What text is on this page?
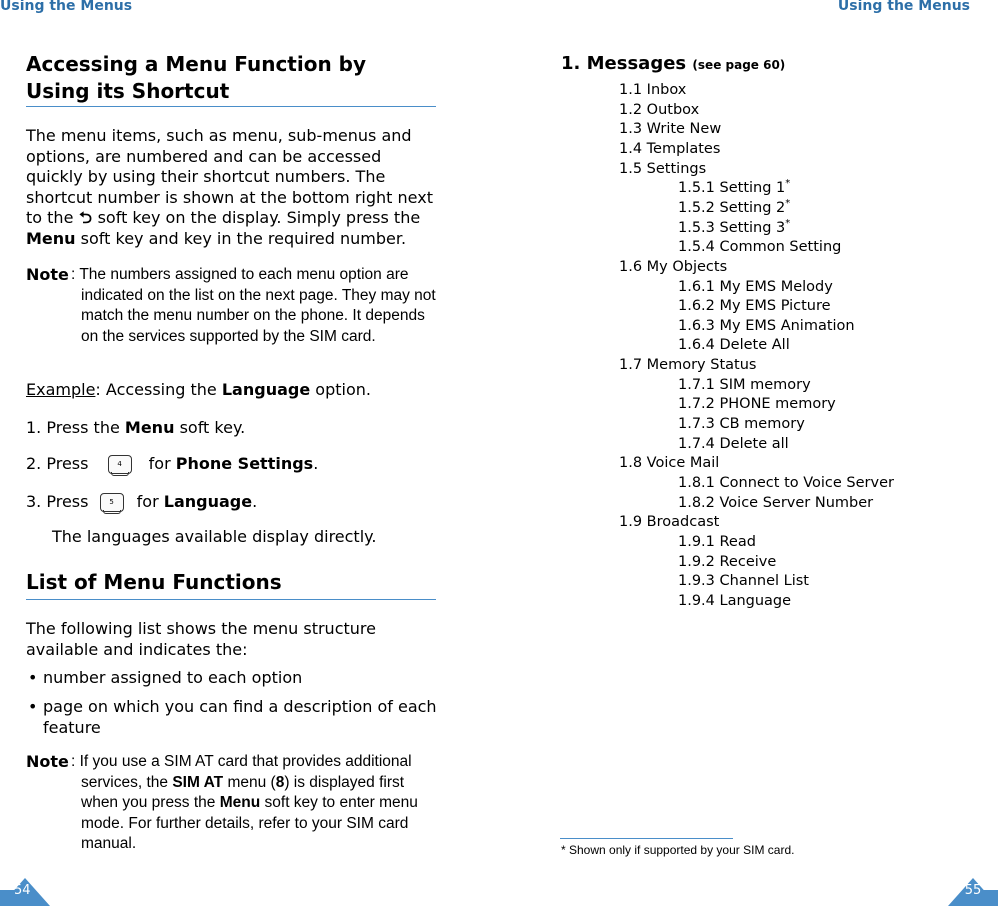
Using the Menus	Using the Menus
Accessing a Menu Function by
Using its Shortcut
The menu items, such as menu, sub-menus and options, are numbered and can be accessed quickly by using their shortcut numbers. The shortcut number is shown at the bottom right next to the ⮌ soft key on the display. Simply press the Menu soft key and key in the required number.
Note : The numbers assigned to each menu option are indicated on the list on the next page. They may not match the menu number on the phone. It depends on the services supported by the SIM card.
Example: Accessing the Language option.
1. Press the Menu soft key.
2. Press	4 for Phone Settings.
3. Press	5 for Language.
The languages available display directly.
List of Menu Functions
The following list shows the menu structure available and indicates the:
• number assigned to each option
• page on which you can find a description of each feature
Note : If you use a SIM AT card that provides additional services, the SIM AT menu (8) is displayed first when you press the Menu soft key to enter menu mode. For further details, refer to your SIM card manual.
54
1. Messages (see page 60)
1.1 Inbox
1.2 Outbox
1.3 Write New
1.4 Templates
1.5 Settings
1.5.1 Setting 1*
1.5.2 Setting 2*
1.5.3 Setting 3*
1.5.4 Common Setting
1.6 My Objects
1.6.1 My EMS Melody
1.6.2 My EMS Picture
1.6.3 My EMS Animation
1.6.4 Delete All
1.7 Memory Status
1.7.1 SIM memory
1.7.2 PHONE memory
1.7.3 CB memory
1.7.4 Delete all
1.8 Voice Mail
1.8.1 Connect to Voice Server
1.8.2 Voice Server Number
1.9 Broadcast
1.9.1 Read
1.9.2 Receive
1.9.3 Channel List
1.9.4 Language
* Shown only if supported by your SIM card.
55
